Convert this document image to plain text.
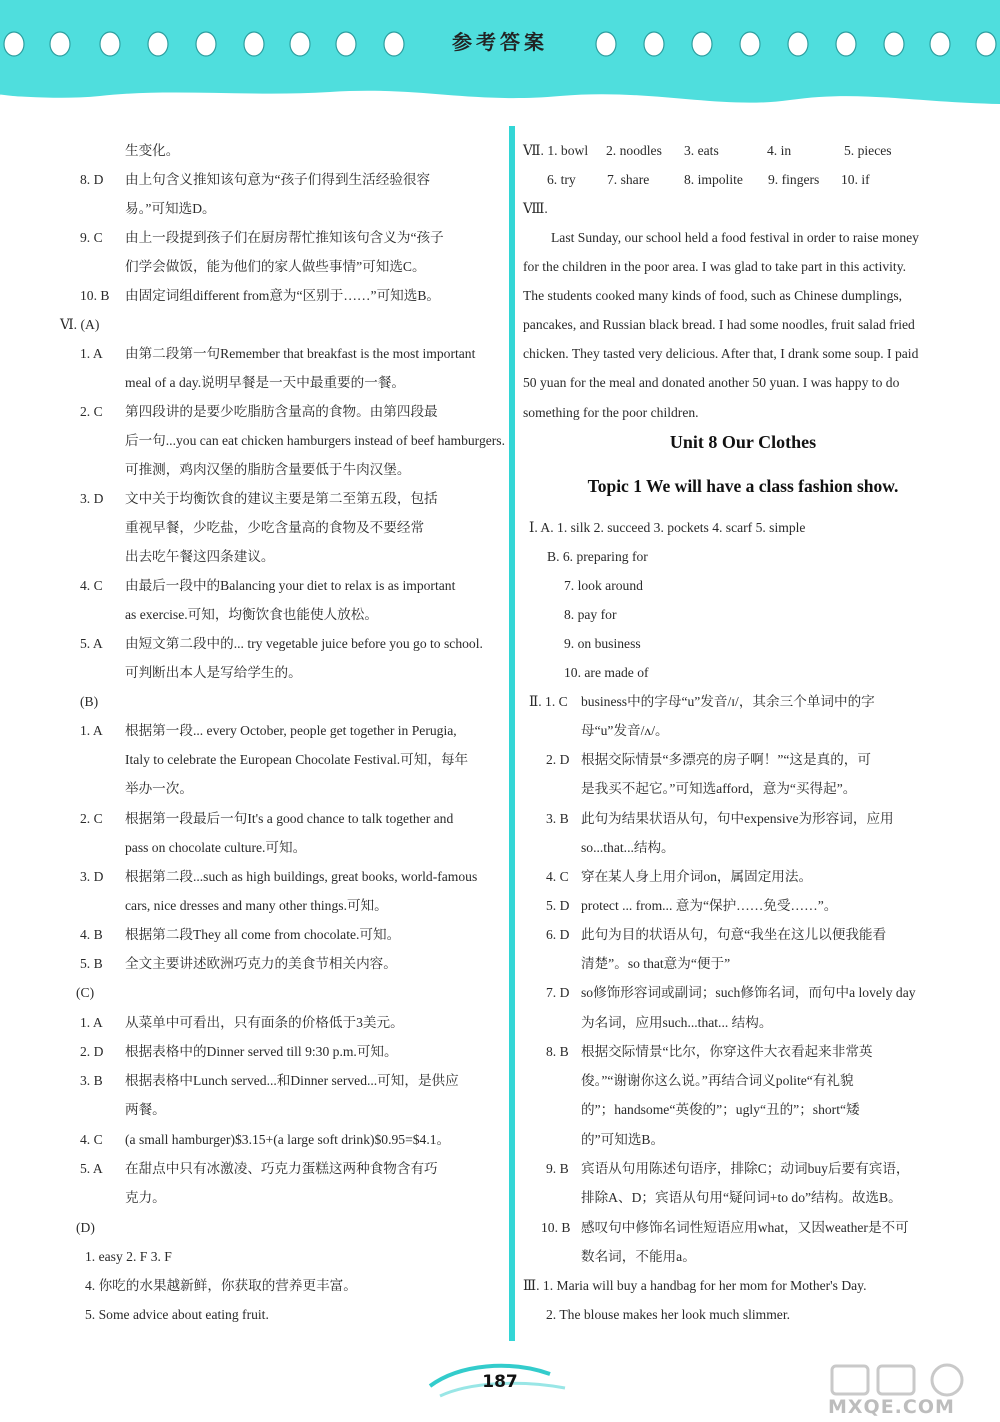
参考答案
生变化。
8. D 由上句含义推知该句意为“孩子们得到生活经验很容
易。”可知选D。
9. C 由上一段提到孩子们在厨房帮忙推知该句含义为“孩子
们学会做饭，能为他们的家人做些事情”可知选C。
10. B 由固定词组different from意为“区别于……”可知选B。
Ⅵ. (A)
1. A 由第二段第一句Remember that breakfast is the most important
meal of a day.说明早餐是一天中最重要的一餐。
2. C 第四段讲的是要少吃脂肪含量高的食物。由第四段最
后一句...you can eat chicken hamburgers instead of beef hamburgers.
可推测，鸡肉汉堡的脂肪含量要低于牛肉汉堡。
3. D 文中关于均衡饮食的建议主要是第二至第五段，包括
重视早餐，少吃盐，少吃含量高的食物及不要经常
出去吃午餐这四条建议。
4. C 由最后一段中的Balancing your diet to relax is as important
as exercise.可知，均衡饮食也能使人放松。
5. A 由短文第二段中的... try vegetable juice before you go to school.
可判断出本人是写给学生的。
(B)
1. A 根据第一段... every October, people get together in Perugia,
Italy to celebrate the European Chocolate Festival.可知，每年
举办一次。
2. C 根据第一段最后一句It's a good chance to talk together and
pass on chocolate culture.可知。
3. D 根据第二段...such as high buildings, great books, world-famous
cars, nice dresses and many other things.可知。
4. B 根据第二段They all come from chocolate.可知。
5. B 全文主要讲述欧洲巧克力的美食节相关内容。
(C)
1. A 从菜单中可看出，只有面条的价格低于3美元。
2. D 根据表格中的Dinner served till 9:30 p.m.可知。
3. B 根据表格中Lunch served...和Dinner served...可知，是供应
两餐。
4. C (a small hamburger)$3.15+(a large soft drink)$0.95=$4.1。
5. A 在甜点中只有冰激凌、巧克力蛋糕这两种食物含有巧
克力。
(D)
1. easy 2. F 3. F
4. 你吃的水果越新鲜，你获取的营养更丰富。
5. Some advice about eating fruit.
Unit 8 Our Clothes
Topic 1 We will have a class fashion show.
Ⅶ. 1. bowl 2. noodles 3. eats	4. in	5. pieces
6. try 7. share	8. impolite 9. fingers 10. if
Ⅷ.
Last Sunday, our school held a food festival in order to raise money
for the children in the poor area. I was glad to take part in this activity.
The students cooked many kinds of food, such as Chinese dumplings,
pancakes, and Russian black bread. I had some noodles, fruit salad fried
chicken. They tasted very delicious. After that, I drank some soup. I paid
50 yuan for the meal and donated another 50 yuan. I was happy to do
something for the poor children.
Ⅰ. A. 1. silk 2. succeed 3. pockets 4. scarf 5. simple
B. 6. preparing for
7. look around
8. pay for
9. on business
10. are made of
Ⅱ. 1. C business中的字母“u”发音/ɪ/，其余三个单词中的字
母“u”发音/ʌ/。
2. D 根据交际情景“多漂亮的房子啊！”“这是真的，可
是我买不起它。”可知选afford，意为“买得起”。
3. B 此句为结果状语从句，句中expensive为形容词，应用
so...that...结构。
4. C 穿在某人身上用介词on，属固定用法。
5. D protect ... from... 意为“保护……免受……”。
6. D 此句为目的状语从句，句意“我坐在这儿以便我能看
清楚”。so that意为“便于”
7. D so修饰形容词或副词；such修饰名词，而句中a lovely day
为名词，应用such...that... 结构。
8. B 根据交际情景“比尔，你穿这件大衣看起来非常英
俊。”“谢谢你这么说。”再结合词义polite“有礼貌
的”；handsome“英俊的”；ugly“丑的”；short“矮
的”可知选B。
9. B 宾语从句用陈述句语序，排除C；动词buy后要有宾语，
排除A、D；宾语从句用“疑问词+to do”结构。故选B。
10. B 感叹句中修饰名词性短语应用what，又因weather是不可
数名词，不能用a。
Ⅲ. 1. Maria will buy a handbag for her mom for Mother's Day.
2. The blouse makes her look much slimmer.
187
MXQE.COM
